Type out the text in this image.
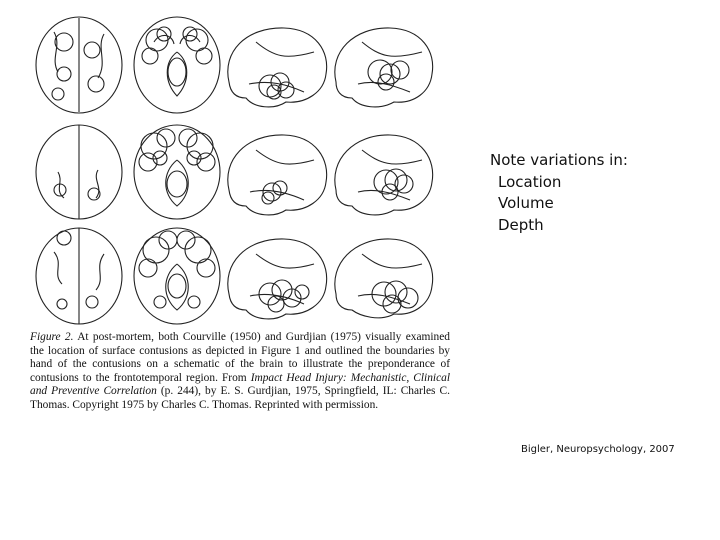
Figure 2. At post-mortem, both Courville (1950) and Gurdjian (1975) visually examined the location of surface contusions as depicted in Figure 1 and outlined the boundaries by hand of the contusions on a schematic of the brain to illustrate the preponderance of contusions to the frontotemporal region. From Impact Head Injury: Mechanistic, Clinical and Preventive Correlation (p. 244), by E. S. Gurdjian, 1975, Springfield, IL: Charles C. Thomas. Copyright 1975 by Charles C. Thomas. Reprinted with permission.
Note variations in:
Location
Volume
Depth
Bigler, Neuropsychology, 2007
